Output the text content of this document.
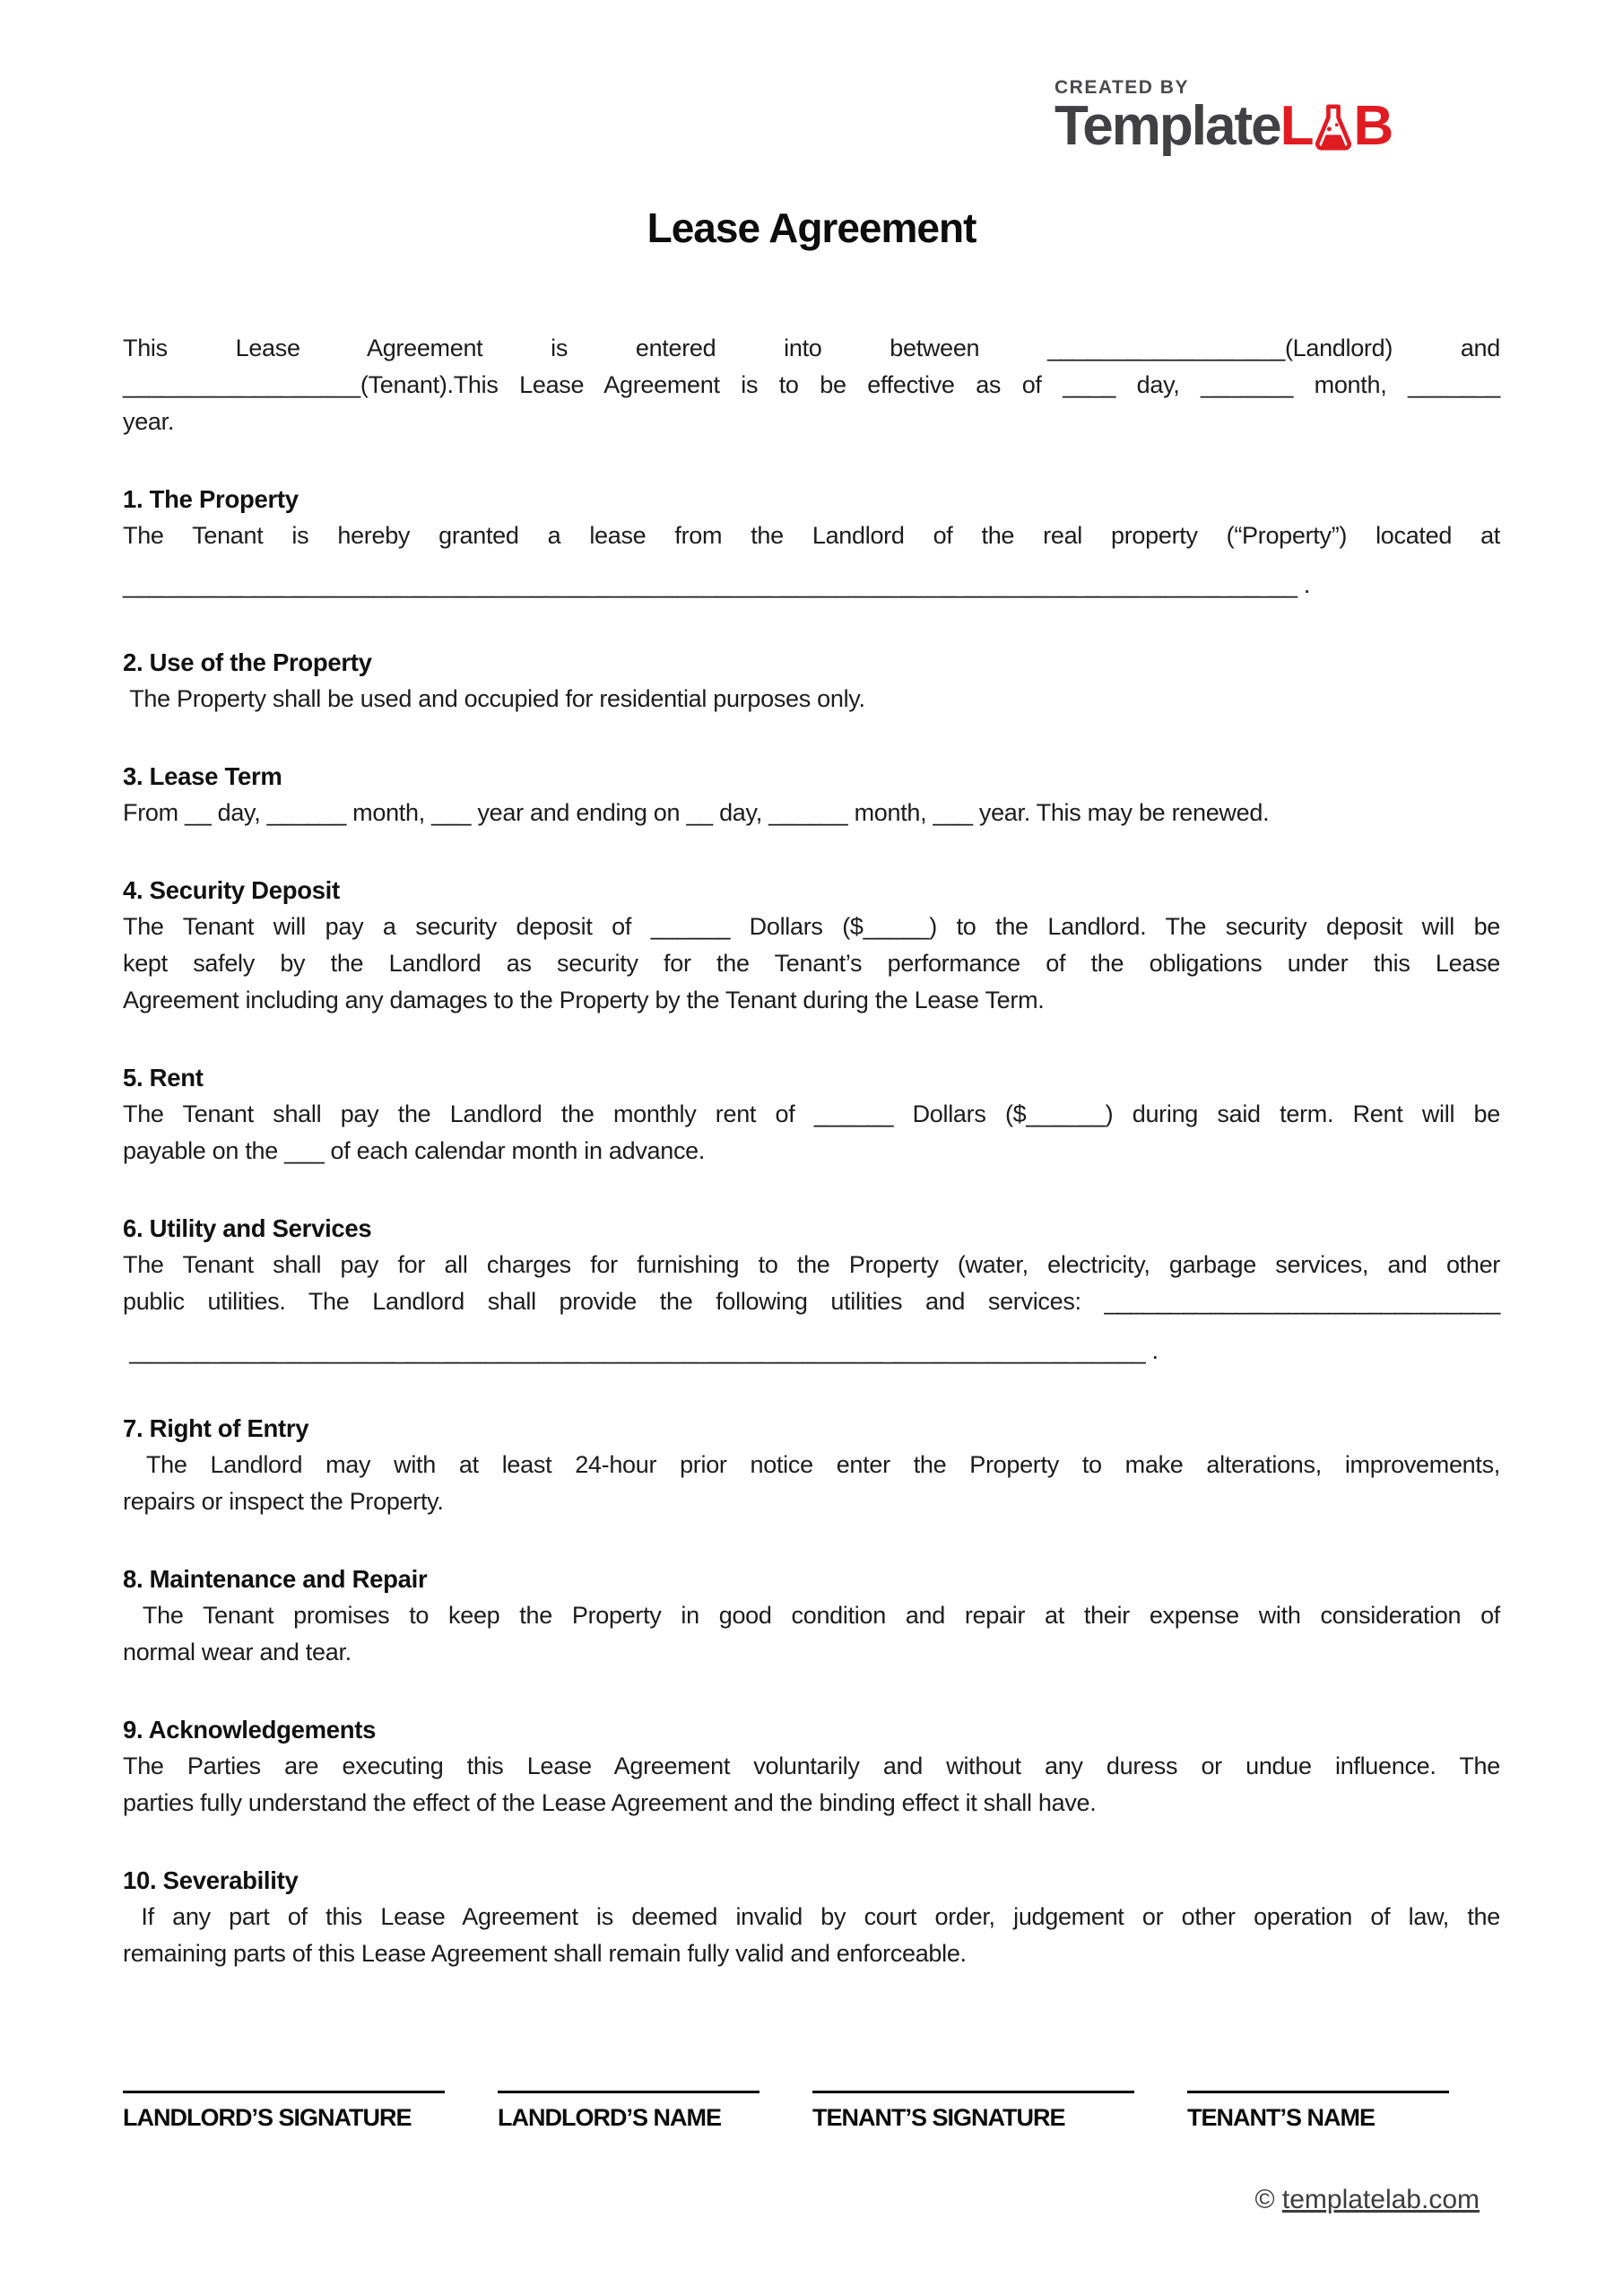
CREATED BY
Template L B
Lease Agreement
This Lease Agreement is entered into between __________________(Landlord) and
__________________(Tenant).This Lease Agreement is to be effective as of ____ day, _______ month, _______
year.
1. The Property
The Tenant is hereby granted a lease from the Landlord of the real property (“Property”) located at
_________________________________________________________________________________________ .
2. Use of the Property
The Property shall be used and occupied for residential purposes only.
3. Lease Term
From __ day, ______ month, ___ year and ending on __ day, ______ month, ___ year. This may be renewed.
4. Security Deposit
The Tenant will pay a security deposit of ______ Dollars ($_____) to the Landlord. The security deposit will be
kept safely by the Landlord as security for the Tenant’s performance of the obligations under this Lease
Agreement including any damages to the Property by the Tenant during the Lease Term.
5. Rent
The Tenant shall pay the Landlord the monthly rent of ______ Dollars ($______) during said term. Rent will be
payable on the ___ of each calendar month in advance.
6. Utility and Services
The Tenant shall pay for all charges for furnishing to the Property (water, electricity, garbage services, and other
public utilities. The Landlord shall provide the following utilities and services: ______________________________
_____________________________________________________________________________ .
7. Right of Entry
The Landlord may with at least 24-hour prior notice enter the Property to make alterations, improvements,
repairs or inspect the Property.
8. Maintenance and Repair
The Tenant promises to keep the Property in good condition and repair at their expense with consideration of
normal wear and tear.
9. Acknowledgements
The Parties are executing this Lease Agreement voluntarily and without any duress or undue influence. The
parties fully understand the effect of the Lease Agreement and the binding effect it shall have.
10. Severability
If any part of this Lease Agreement is deemed invalid by court order, judgement or other operation of law, the
remaining parts of this Lease Agreement shall remain fully valid and enforceable.
LANDLORD’S SIGNATURE	LANDLORD’S NAME	TENANT’S SIGNATURE	TENANT’S NAME
© templatelab.com
